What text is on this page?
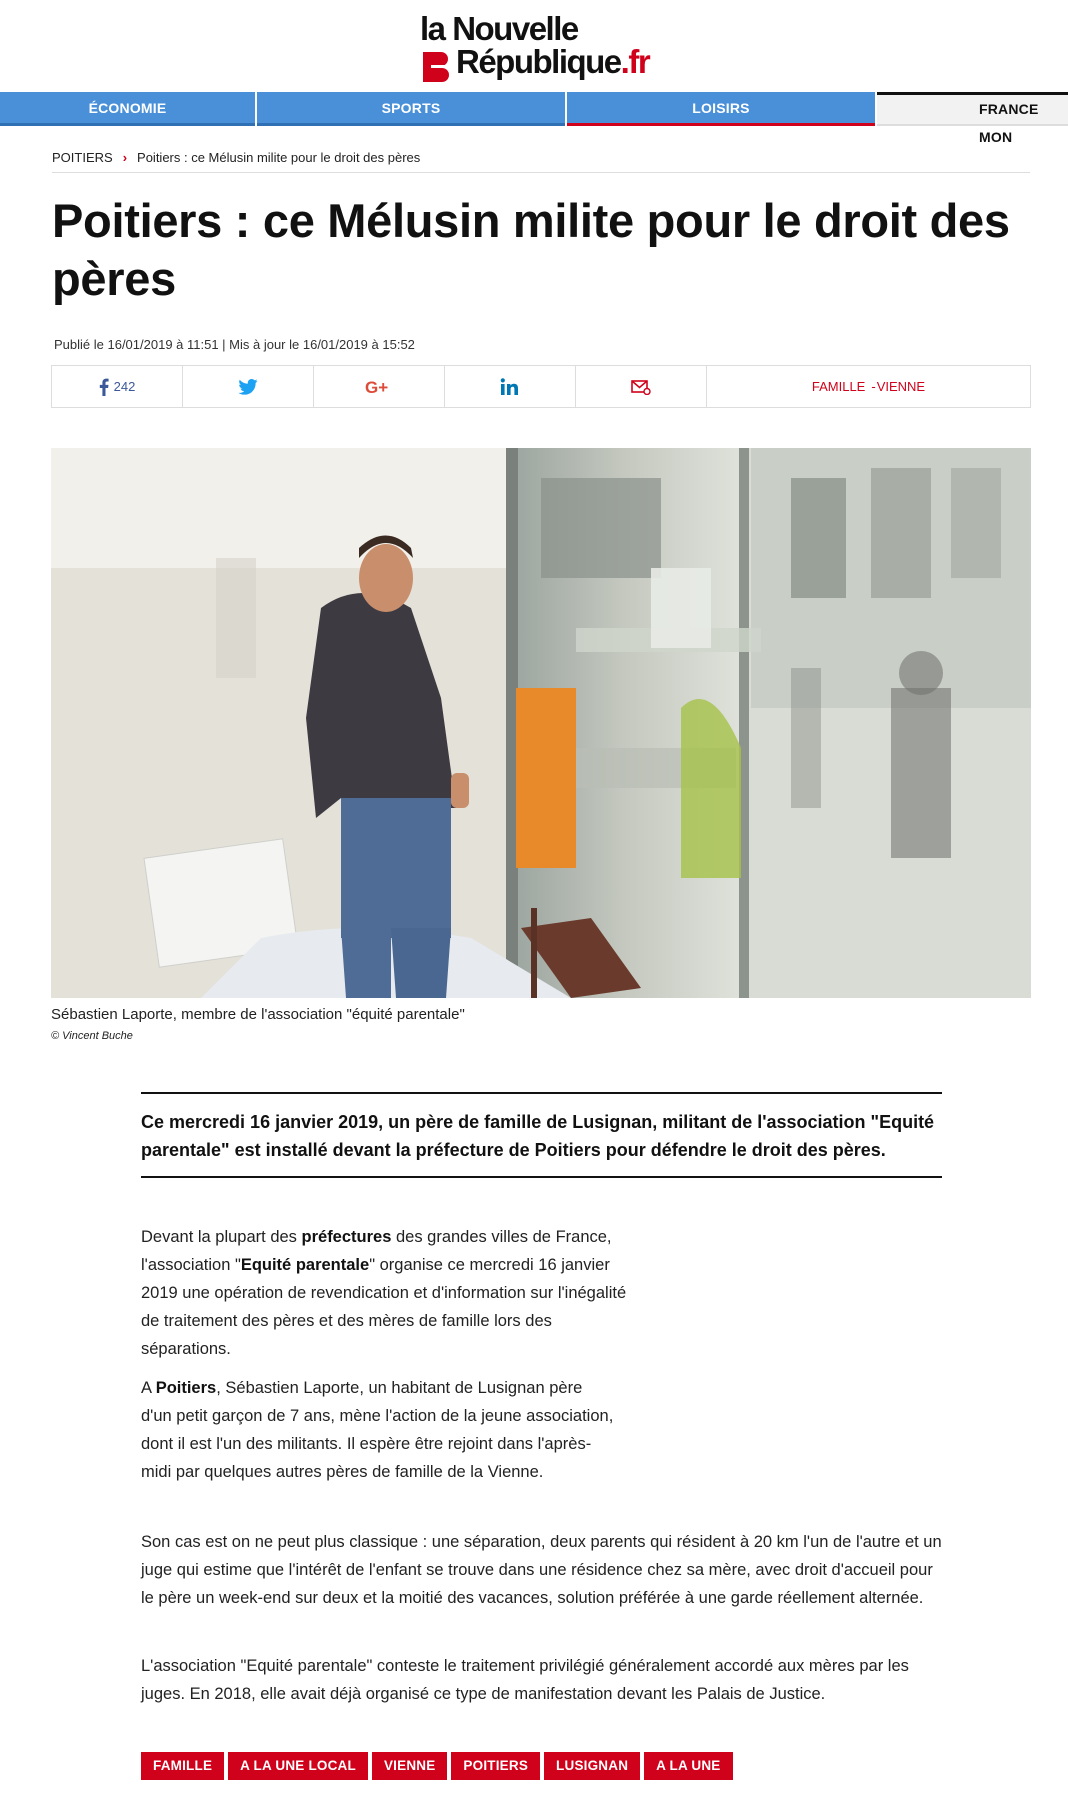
la Nouvelle
République.fr
ÉCONOMIE	SPORTS	LOISIRS	FRANCE MON
POITIERS › Poitiers : ce Mélusin milite pour le droit des pères
Poitiers : ce Mélusin milite pour le droit des pères
Publié le 16/01/2019 à 11:51 | Mis à jour le 16/01/2019 à 15:52
242	G+	FAMILLE - VIENNE
Sébastien Laporte, membre de l'association "équité parentale"
© Vincent Buche
Ce mercredi 16 janvier 2019, un père de famille de Lusignan, militant de l'association "Equité parentale" est installé devant la préfecture de Poitiers pour défendre le droit des pères.

Devant la plupart des préfectures des grandes villes de France, l'association "Equité parentale" organise ce mercredi 16 janvier 2019 une opération de revendication et d'information sur l'inégalité de traitement des pères et des mères de famille lors des séparations.

A Poitiers, Sébastien Laporte, un habitant de Lusignan père d'un petit garçon de 7 ans, mène l'action de la jeune association, dont il est l'un des militants. Il espère être rejoint dans l'après-midi par quelques autres pères de famille de la Vienne.

Son cas est on ne peut plus classique : une séparation, deux parents qui résident à 20 km l'un de l'autre et un juge qui estime que l'intérêt de l'enfant se trouve dans une résidence chez sa mère, avec droit d'accueil pour le père un week-end sur deux et la moitié des vacances, solution préférée à une garde réellement alternée.

L'association "Equité parentale" conteste le traitement privilégié généralement accordé aux mères par les juges. En 2018, elle avait déjà organisé ce type de manifestation devant les Palais de Justice.

FAMILLE	A LA UNE LOCAL	VIENNE	POITIERS	LUSIGNAN	A LA UNE
